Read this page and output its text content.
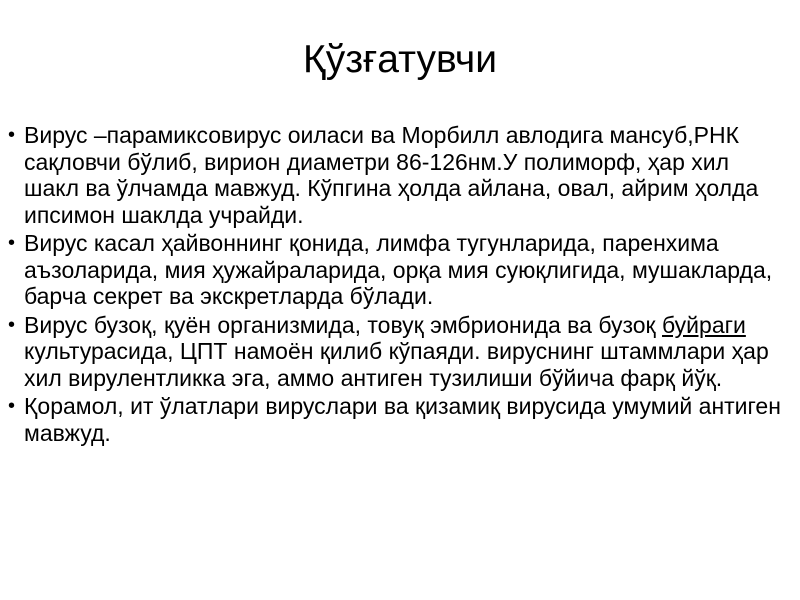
Қўзғатувчи
• Вирус –парамиксовирус оиласи ва Морбилл авлодига мансуб,РНК сақловчи бўлиб, вирион диаметри 86-126нм.У полиморф, ҳар хил шакл ва ўлчамда мавжуд. Кўпгина ҳолда айлана, овал, айрим ҳолда ипсимон шаклда учрайди.
• Вирус касал ҳайвоннинг қонида, лимфа тугунларида, паренхима аъзоларида, мия ҳужайраларида, орқа мия суюқлигида, мушакларда, барча секрет ва экскретларда бўлади.
• Вирус бузоқ, қуён организмида, товуқ эмбрионида ва бузоқ буйраги культурасида, ЦПТ намоён қилиб кўпаяди. вируснинг штаммлари ҳар хил вирулентликка эга, аммо антиген тузилиши бўйича фарқ йўқ.
• Қорамол, ит ўлатлари вируслари ва қизамиқ вирусида умумий антиген мавжуд.
